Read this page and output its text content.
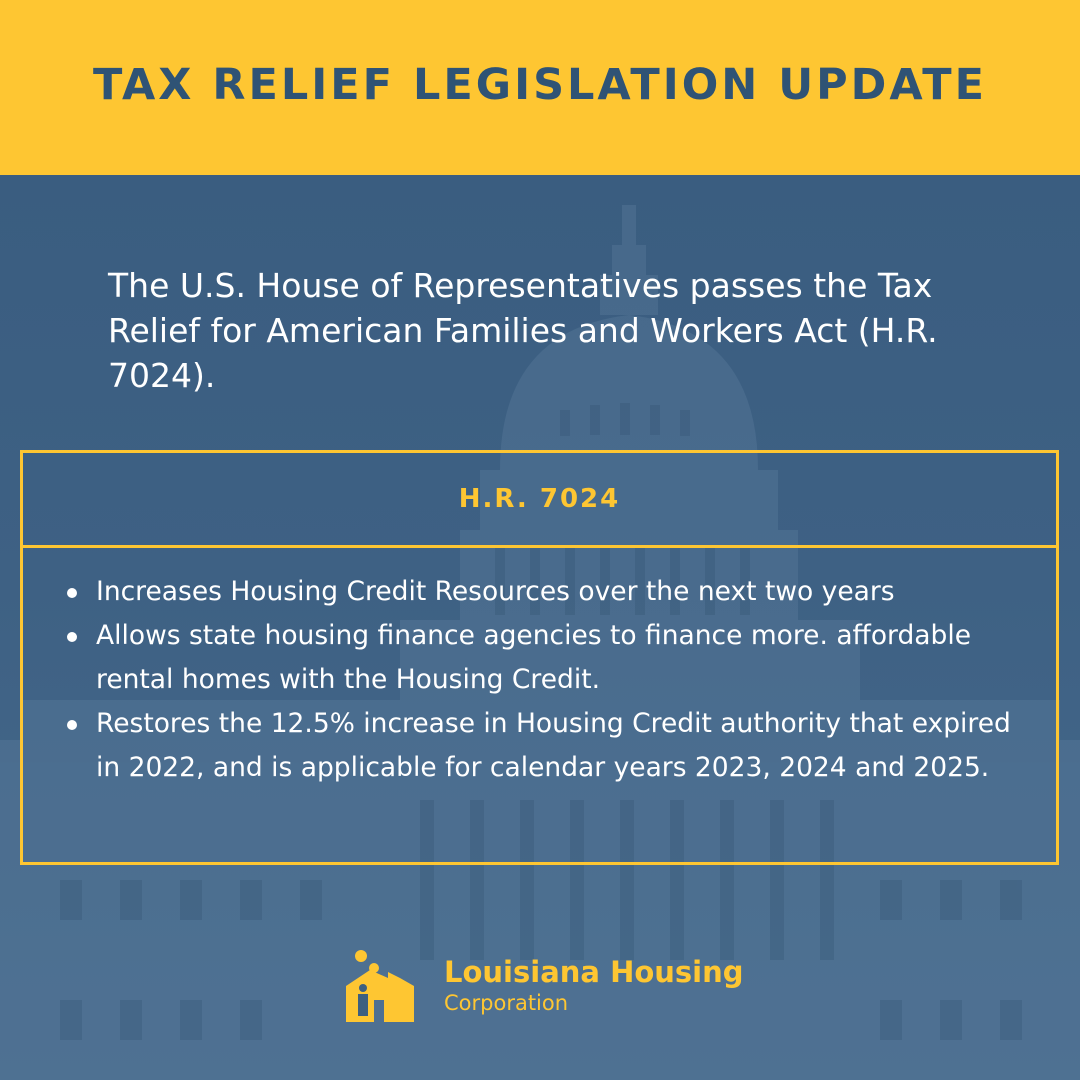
TAX RELIEF LEGISLATION UPDATE

The U.S. House of Representatives passes the Tax Relief for American Families and Workers Act (H.R. 7024).

H.R. 7024
Increases Housing Credit Resources over the next two years
Allows state housing finance agencies to finance more. affordable rental homes with the Housing Credit.
Restores the 12.5% increase in Housing Credit authority that expired in 2022, and is applicable for calendar years 2023, 2024 and 2025.
Louisiana Housing
Corporation
